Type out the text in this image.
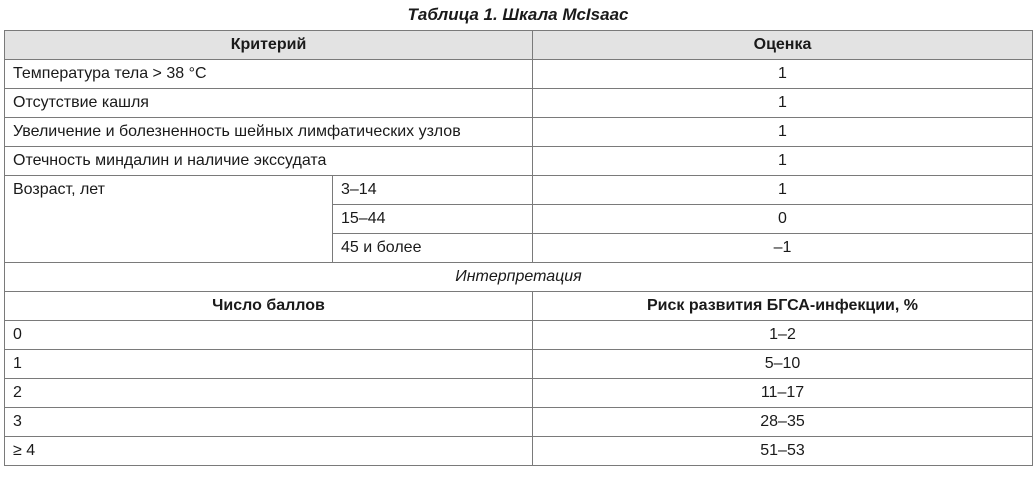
Таблица 1. Шкала McIsaac
Критерий		Оценка
Температура тела > 38 °C		1
Отсутствие кашля		1
Увеличение и болезненность шейных лимфатических узлов		1
Отечность миндалин и наличие экссудата		1
Возраст, лет	3–14	1
	15–44	0
	45 и более	–1
Интерпретация		
Число баллов		Риск развития БГСА-инфекции, %
0		1–2
1		5–10
2		11–17
3		28–35
≥ 4		51–53
